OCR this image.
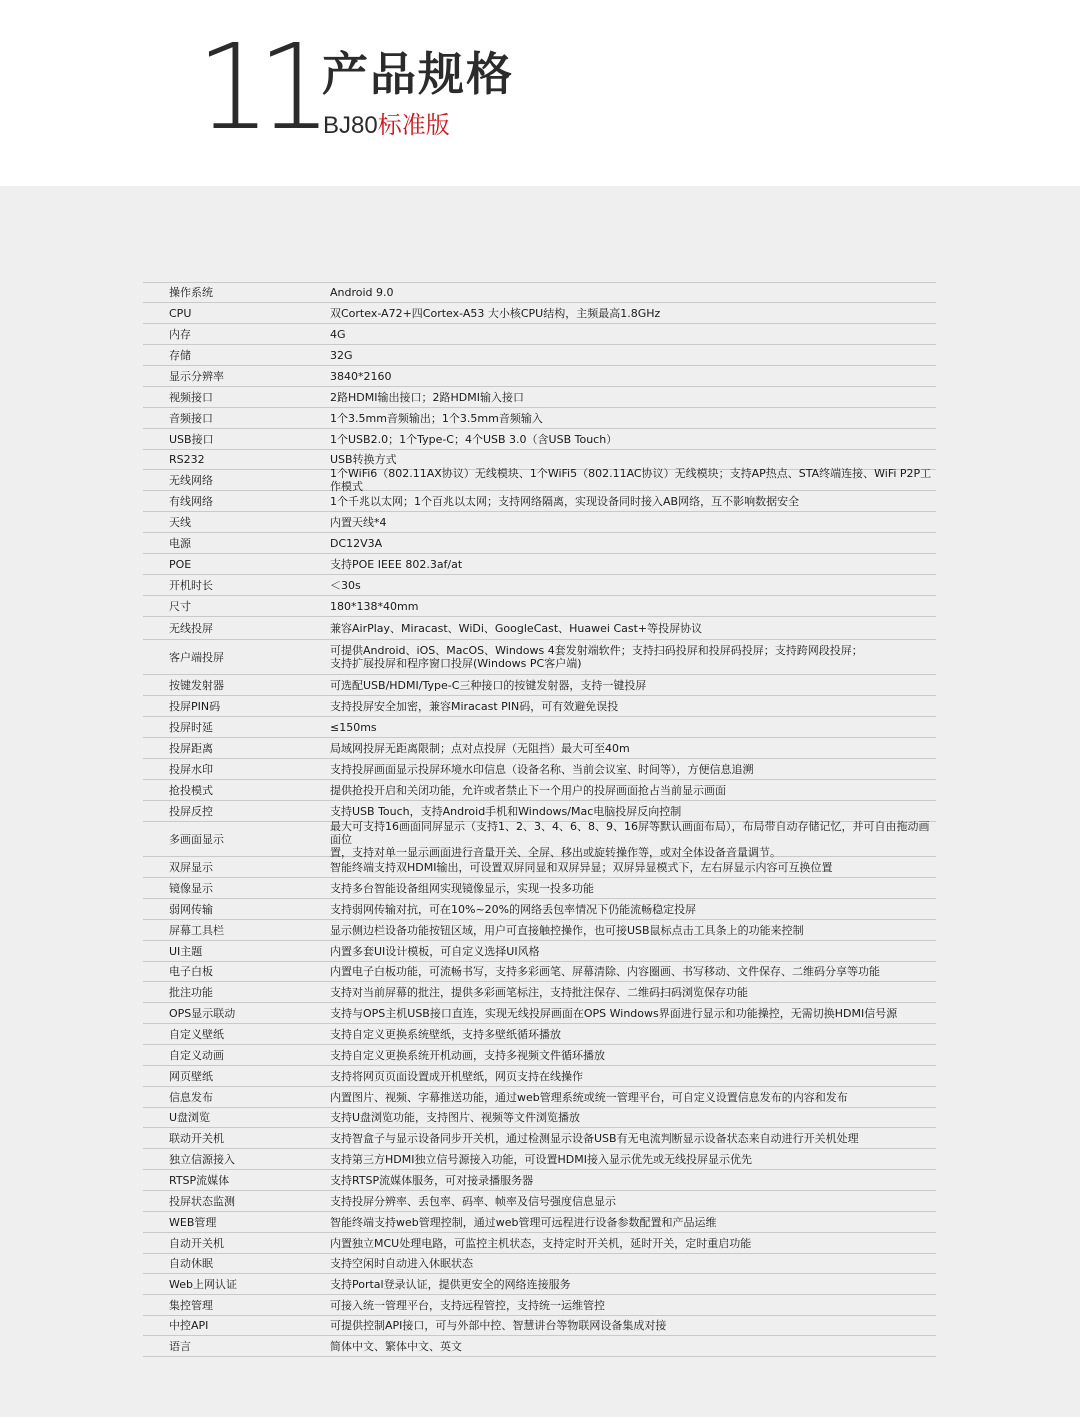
11 产品规格
BJ80标准版
操作系统	Android 9.0
CPU	双Cortex-A72+四Cortex-A53 大小核CPU结构，主频最高1.8GHz
内存	4G
存储	32G
显示分辨率	3840*2160
视频接口	2路HDMI输出接口；2路HDMI输入接口
音频接口	1个3.5mm音频输出；1个3.5mm音频输入
USB接口	1个USB2.0；1个Type-C；4个USB 3.0（含USB Touch）
RS232	USB转换方式
无线网络	1个WiFi6（802.11AX协议）无线模块、1个WiFi5（802.11AC协议）无线模块；支持AP热点、STA终端连接、WiFi P2P工作模式
有线网络	1个千兆以太网；1个百兆以太网；支持网络隔离，实现设备同时接入AB网络，互不影响数据安全
天线	内置天线*4
电源	DC12V3A
POE	支持POE IEEE 802.3af/at
开机时长	＜30s
尺寸	180*138*40mm
无线投屏	兼容AirPlay、Miracast、WiDi、GoogleCast、Huawei Cast+等投屏协议
客户端投屏	可提供Android、iOS、MacOS、Windows 4套发射端软件；支持扫码投屏和投屏码投屏；支持跨网段投屏；
支持扩展投屏和程序窗口投屏(Windows PC客户端)
按键发射器	可选配USB/HDMI/Type-C三种接口的按键发射器，支持一键投屏
投屏PIN码	支持投屏安全加密，兼容Miracast PIN码，可有效避免误投
投屏时延	≤150ms
投屏距离	局域网投屏无距离限制；点对点投屏（无阻挡）最大可至40m
投屏水印	支持投屏画面显示投屏环境水印信息（设备名称、当前会议室、时间等），方便信息追溯
抢投模式	提供抢投开启和关闭功能，允许或者禁止下一个用户的投屏画面抢占当前显示画面
投屏反控	支持USB Touch，支持Android手机和Windows/Mac电脑投屏反向控制
多画面显示
最大可支持16画面同屏显示（支持1、2、3、4、6、8、9、16屏等默认画面布局），布局带自动存储记忆，并可自由拖动画面位
置，支持对单一显示画面进行音量开关、全屏、移出或旋转操作等，或对全体设备音量调节。
双屏显示	智能终端支持双HDMI输出，可设置双屏同显和双屏异显；双屏异显模式下，左右屏显示内容可互换位置
镜像显示	支持多台智能设备组网实现镜像显示，实现一投多功能
弱网传输	支持弱网传输对抗，可在10%~20%的网络丢包率情况下仍能流畅稳定投屏
屏幕工具栏	显示侧边栏设备功能按钮区域，用户可直接触控操作，也可接USB鼠标点击工具条上的功能来控制
UI主题	内置多套UI设计模板，可自定义选择UI风格
电子白板	内置电子白板功能，可流畅书写，支持多彩画笔、屏幕清除、内容圈画、书写移动、文件保存、二维码分享等功能
批注功能	支持对当前屏幕的批注，提供多彩画笔标注，支持批注保存、二维码扫码浏览保存功能
OPS显示联动	支持与OPS主机USB接口直连，实现无线投屏画面在OPS Windows界面进行显示和功能操控，无需切换HDMI信号源
自定义壁纸	支持自定义更换系统壁纸，支持多壁纸循环播放
自定义动画	支持自定义更换系统开机动画，支持多视频文件循环播放
网页壁纸	支持将网页页面设置成开机壁纸，网页支持在线操作
信息发布	内置图片、视频、字幕推送功能，通过web管理系统或统一管理平台，可自定义设置信息发布的内容和发布
U盘浏览	支持U盘浏览功能，支持图片、视频等文件浏览播放
联动开关机	支持智盒子与显示设备同步开关机，通过检测显示设备USB有无电流判断显示设备状态来自动进行开关机处理
独立信源接入	支持第三方HDMI独立信号源接入功能，可设置HDMI接入显示优先或无线投屏显示优先
RTSP流媒体	支持RTSP流媒体服务，可对接录播服务器
投屏状态监测	支持投屏分辨率、丢包率、码率、帧率及信号强度信息显示
WEB管理	智能终端支持web管理控制，通过web管理可远程进行设备参数配置和产品运维
自动开关机	内置独立MCU处理电路，可监控主机状态，支持定时开关机，延时开关，定时重启功能
自动休眠	支持空闲时自动进入休眠状态
Web上网认证	支持Portal登录认证，提供更安全的网络连接服务
集控管理	可接入统一管理平台，支持远程管控，支持统一运维管控
中控API	可提供控制API接口，可与外部中控、智慧讲台等物联网设备集成对接
语言	简体中文、繁体中文、英文
